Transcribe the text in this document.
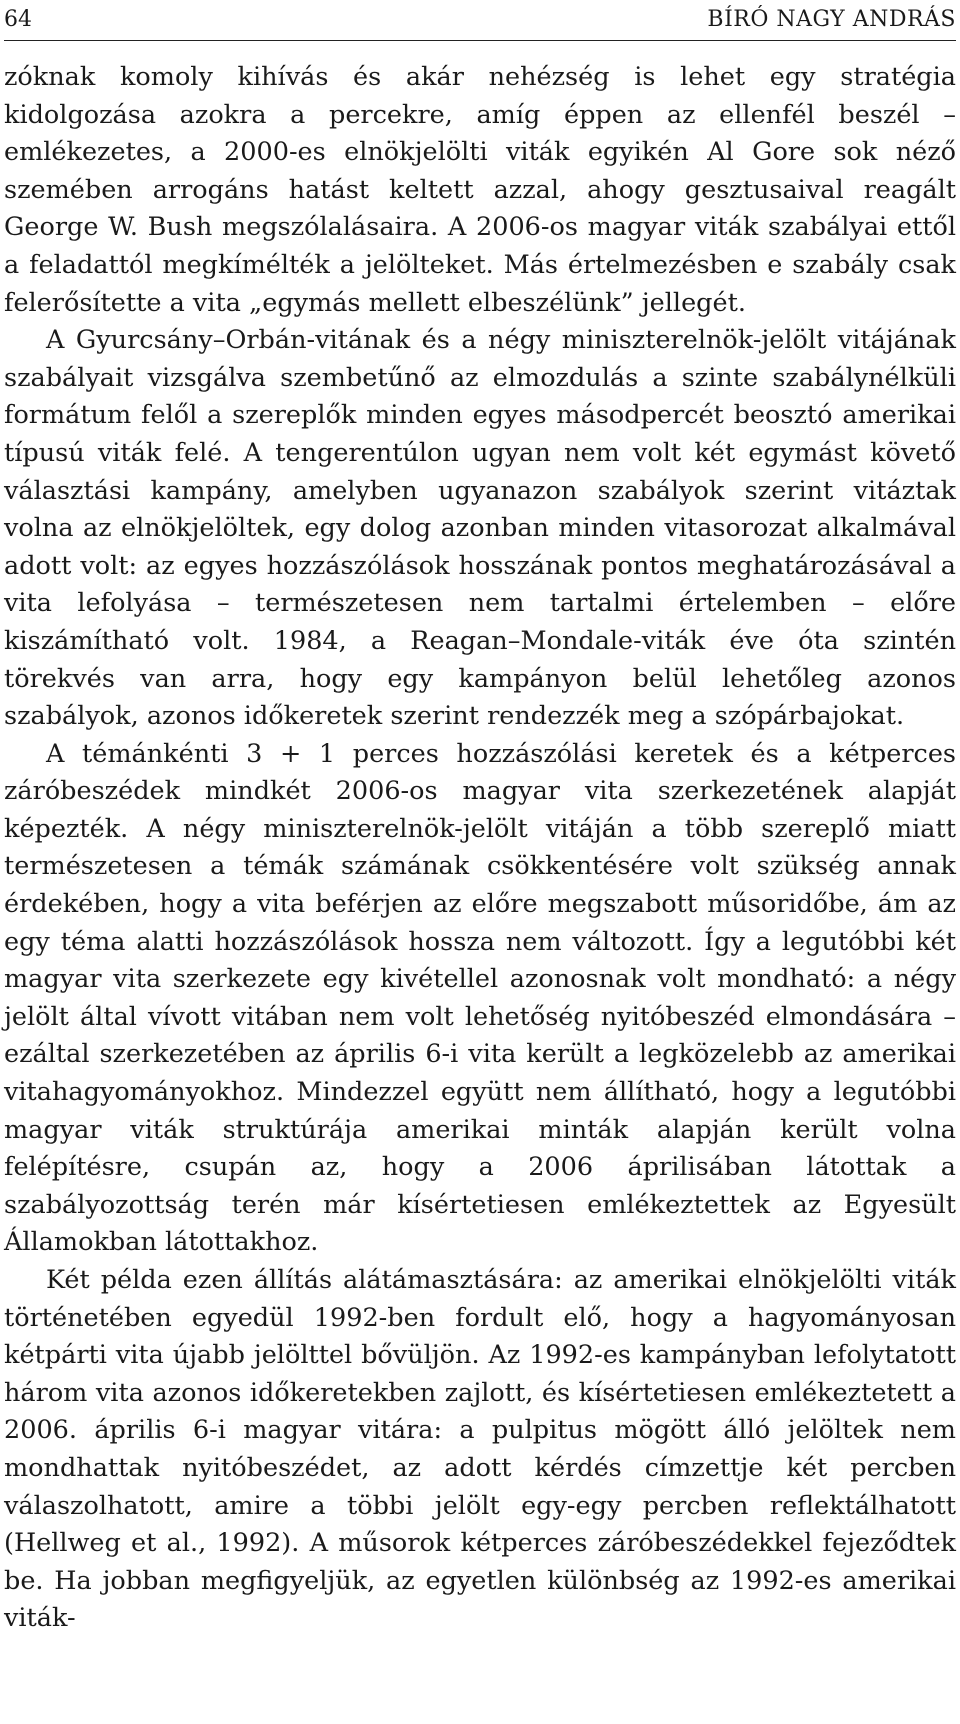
64	BÍRÓ NAGY ANDRÁS

zóknak komoly kihívás és akár nehézség is lehet egy stratégia kidolgozása azokra a percekre, amíg éppen az ellenfél beszél – emlékezetes, a 2000-es elnökjelölti viták egyikén Al Gore sok néző szemében arrogáns hatást keltett azzal, ahogy gesztusaival reagált George W. Bush megszólalásaira. A 2006-os magyar viták szabályai ettől a feladattól megkímélték a jelölteket. Más értelmezésben e szabály csak felerősítette a vita „egymás mellett elbeszélünk” jellegét.

A Gyurcsány–Orbán-vitának és a négy miniszterelnök-jelölt vitájának szabályait vizsgálva szembetűnő az elmozdulás a szinte szabálynélküli formátum felől a szereplők minden egyes másodpercét beosztó amerikai típusú viták felé. A tengerentúlon ugyan nem volt két egymást követő választási kampány, amelyben ugyanazon szabályok szerint vitáztak volna az elnökjelöltek, egy dolog azonban minden vitasorozat alkalmával adott volt: az egyes hozzászólások hosszának pontos meghatározásával a vita lefolyása – természetesen nem tartalmi értelemben – előre kiszámítható volt. 1984, a Reagan–Mondale-viták éve óta szintén törekvés van arra, hogy egy kampányon belül lehetőleg azonos szabályok, azonos időkeretek szerint rendezzék meg a szópárbajokat.

A témánkénti 3 + 1 perces hozzászólási keretek és a kétperces záróbeszédek mindkét 2006-os magyar vita szerkezetének alapját képezték. A négy miniszterelnök-jelölt vitáján a több szereplő miatt természetesen a témák számának csökkentésére volt szükség annak érdekében, hogy a vita beférjen az előre megszabott műsoridőbe, ám az egy téma alatti hozzászólások hossza nem változott. Így a legutóbbi két magyar vita szerkezete egy kivétellel azonosnak volt mondható: a négy jelölt által vívott vitában nem volt lehetőség nyitóbeszéd elmondására – ezáltal szerkezetében az április 6-i vita került a legközelebb az amerikai vitahagyományokhoz. Mindezzel együtt nem állítható, hogy a legutóbbi magyar viták struktúrája amerikai minták alapján került volna felépítésre, csupán az, hogy a 2006 áprilisában látottak a szabályozottság terén már kísértetiesen emlékeztettek az Egyesült Államokban látottakhoz.

Két példa ezen állítás alátámasztására: az amerikai elnökjelölti viták történetében egyedül 1992-ben fordult elő, hogy a hagyományosan kétpárti vita újabb jelölttel bővüljön. Az 1992-es kampányban lefolytatott három vita azonos időkeretekben zajlott, és kísértetiesen emlékeztetett a 2006. április 6-i magyar vitára: a pulpitus mögött álló jelöltek nem mondhattak nyitóbeszédet, az adott kérdés címzettje két percben válaszolhatott, amire a többi jelölt egy-egy percben reflektálhatott (Hellweg et al., 1992). A műsorok kétperces záróbeszédekkel fejeződtek be. Ha jobban megfigyeljük, az egyetlen különbség az 1992-es amerikai viták-
